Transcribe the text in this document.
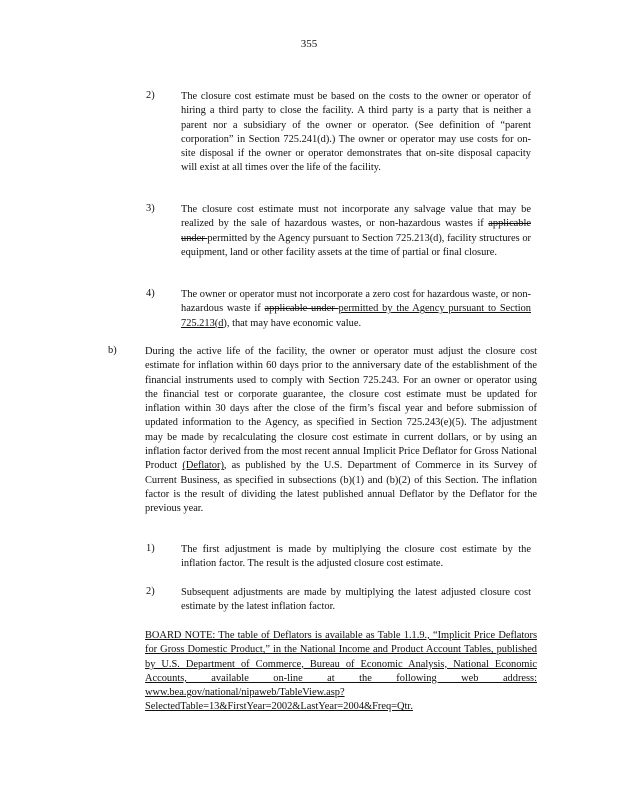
355
2)	The closure cost estimate must be based on the costs to the owner or operator of hiring a third party to close the facility. A third party is a party that is neither a parent nor a subsidiary of the owner or operator. (See definition of “parent corporation” in Section 725.241(d).) The owner or operator may use costs for on-site disposal if the owner or operator demonstrates that on-site disposal capacity will exist at all times over the life of the facility.
3)	The closure cost estimate must not incorporate any salvage value that may be realized by the sale of hazardous wastes, or non-hazardous wastes if applicable under permitted by the Agency pursuant to Section 725.213(d), facility structures or equipment, land or other facility assets at the time of partial or final closure.
4)	The owner or operator must not incorporate a zero cost for hazardous waste, or non-hazardous waste if applicable under permitted by the Agency pursuant to Section 725.213(d), that may have economic value.
b)	During the active life of the facility, the owner or operator must adjust the closure cost estimate for inflation within 60 days prior to the anniversary date of the establishment of the financial instruments used to comply with Section 725.243. For an owner or operator using the financial test or corporate guarantee, the closure cost estimate must be updated for inflation within 30 days after the close of the firm’s fiscal year and before submission of updated information to the Agency, as specified in Section 725.243(e)(5). The adjustment may be made by recalculating the closure cost estimate in current dollars, or by using an inflation factor derived from the most recent annual Implicit Price Deflator for Gross National Product (Deflator), as published by the U.S. Department of Commerce in its Survey of Current Business, as specified in subsections (b)(1) and (b)(2) of this Section. The inflation factor is the result of dividing the latest published annual Deflator by the Deflator for the previous year.
1)	The first adjustment is made by multiplying the closure cost estimate by the inflation factor. The result is the adjusted closure cost estimate.
2)	Subsequent adjustments are made by multiplying the latest adjusted closure cost estimate by the latest inflation factor.
BOARD NOTE: The table of Deflators is available as Table 1.1.9., “Implicit Price Deflators for Gross Domestic Product,” in the National Income and Product Account Tables, published by U.S. Department of Commerce, Bureau of Economic Analysis, National Economic Accounts, available on-line at the following web address: www.bea.gov/national/nipaweb/TableView.asp?SelectedTable=13&FirstYear=2002&LastYear=2004&Freq=Qtr.
